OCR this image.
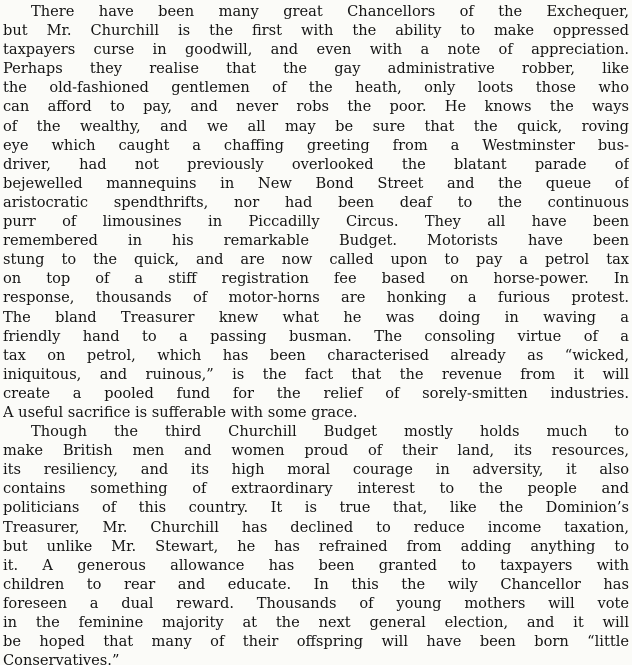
There have been many great Chancellors of the Exchequer,
but Mr. Churchill is the first with the ability to make oppressed
taxpayers curse in goodwill, and even with a note of appreciation.
Perhaps they realise that the gay administrative robber, like
the old-fashioned gentlemen of the heath, only loots those who
can afford to pay, and never robs the poor. He knows the ways
of the wealthy, and we all may be sure that the quick, roving
eye which caught a chaffing greeting from a Westminster bus-
driver, had not previously overlooked the blatant parade of
bejewelled mannequins in New Bond Street and the queue of
aristocratic spendthrifts, nor had been deaf to the continuous
purr of limousines in Piccadilly Circus. They all have been
remembered in his remarkable Budget. Motorists have been
stung to the quick, and are now called upon to pay a petrol tax
on top of a stiff registration fee based on horse-power. In
response, thousands of motor-horns are honking a furious protest.
The bland Treasurer knew what he was doing in waving a
friendly hand to a passing busman. The consoling virtue of a
tax on petrol, which has been characterised already as “wicked,
iniquitous, and ruinous,” is the fact that the revenue from it will
create a pooled fund for the relief of sorely-smitten industries.
A useful sacrifice is sufferable with some grace.
Though the third Churchill Budget mostly holds much to
make British men and women proud of their land, its resources,
its resiliency, and its high moral courage in adversity, it also
contains something of extraordinary interest to the people and
politicians of this country. It is true that, like the Dominion’s
Treasurer, Mr. Churchill has declined to reduce income taxation,
but unlike Mr. Stewart, he has refrained from adding anything to
it. A generous allowance has been granted to taxpayers with
children to rear and educate. In this the wily Chancellor has
foreseen a dual reward. Thousands of young mothers will vote
in the feminine majority at the next general election, and it will
be hoped that many of their offspring will have been born “little
Conservatives.”
